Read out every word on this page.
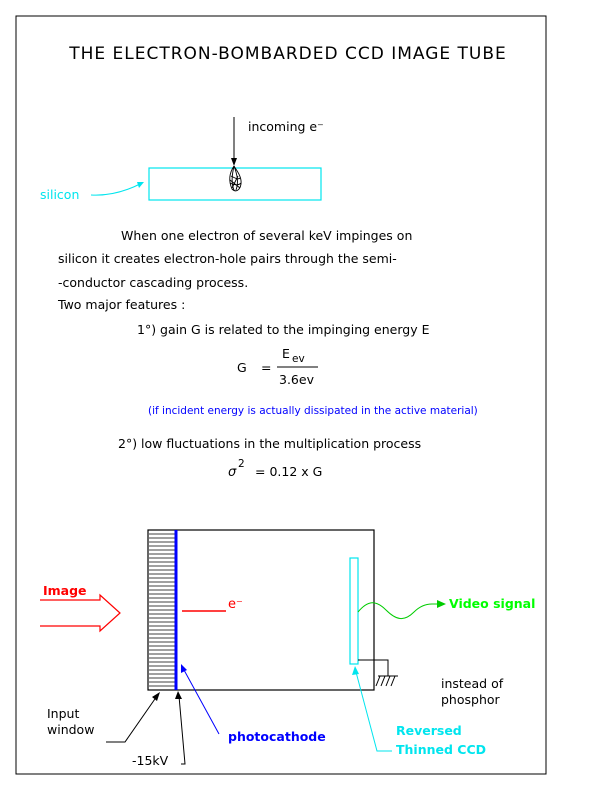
THE ELECTRON-BOMBARDED CCD IMAGE TUBE
incoming e⁻
silicon
When one electron of several keV impinges on
silicon it creates electron-hole pairs through the semi-
-conductor cascading process.
Two major features :
1°) gain G is related to the impinging energy E
G =
E ev
3.6ev
(if incident energy is actually dissipated in the active material)
2°) low fluctuations in the multiplication process
σ
2 = 0.12 x G
Image
e⁻	Video signal
instead of
phosphor
Input
window
-15kV
photocathode	Reversed
Thinned CCD
